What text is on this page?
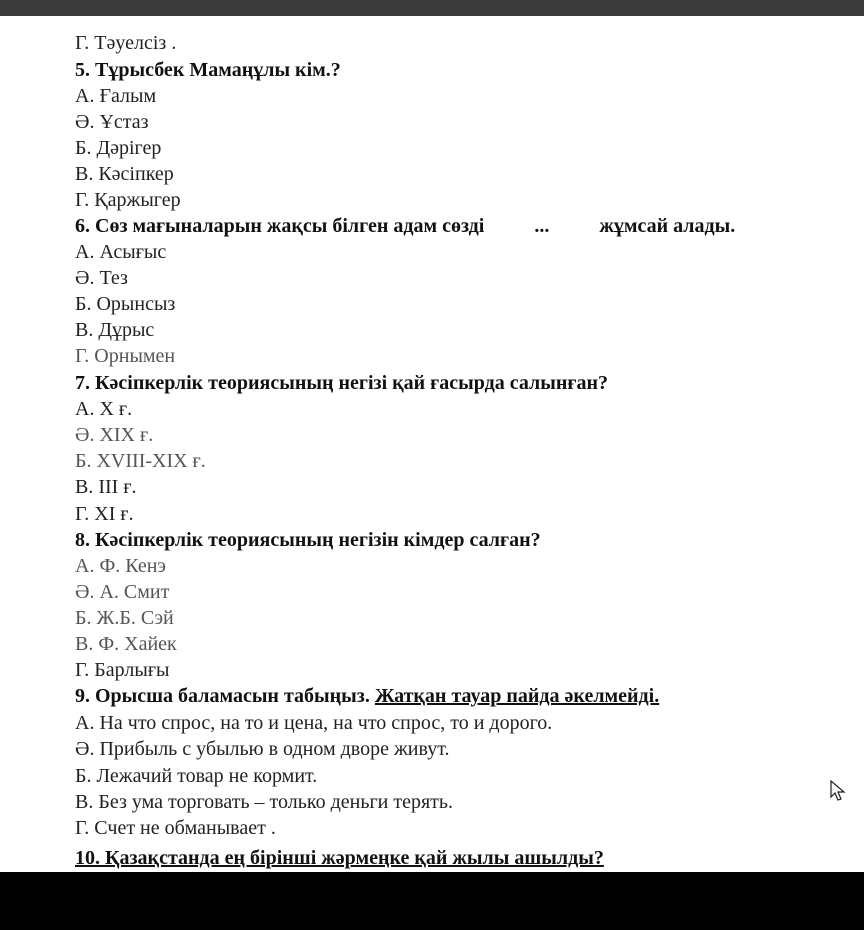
Г. Тәуелсіз .
5. Тұрысбек Мамаңұлы кім.?
А. Ғалым
Ә. Ұстаз
Б. Дәрігер
В. Кәсіпкер
Г. Қаржыгер
6. Сөз мағыналарын жақсы білген адам сөзді	...	жұмсай алады.
А. Асығыс
Ә. Тез
Б. Орынсыз
В. Дұрыс
Г. Орнымен
7. Кәсіпкерлік теориясының негізі қай ғасырда салынған?
А. Х ғ.
Ә. XIX ғ.
Б. XVIII-XIX ғ.
В. III ғ.
Г. XI ғ.
8. Кәсіпкерлік теориясының негізін кімдер салған?
А. Ф. Кенэ
Ә. А. Смит
Б. Ж.Б. Сэй
В. Ф. Хайек
Г. Барлығы
9. Орысша баламасын табыңыз. Жатқан тауар пайда әкелмейді.
А. На что спрос, на то и цена, на что спрос, то и дорого.
Ә. Прибыль с убылью в одном дворе живут.
Б. Лежачий товар не кормит.
В. Без ума торговать – только деньги терять.
Г. Счет не обманывает .
10. Қазақстанда ең бірінші жәрмеңке қай жылы ашылды?
